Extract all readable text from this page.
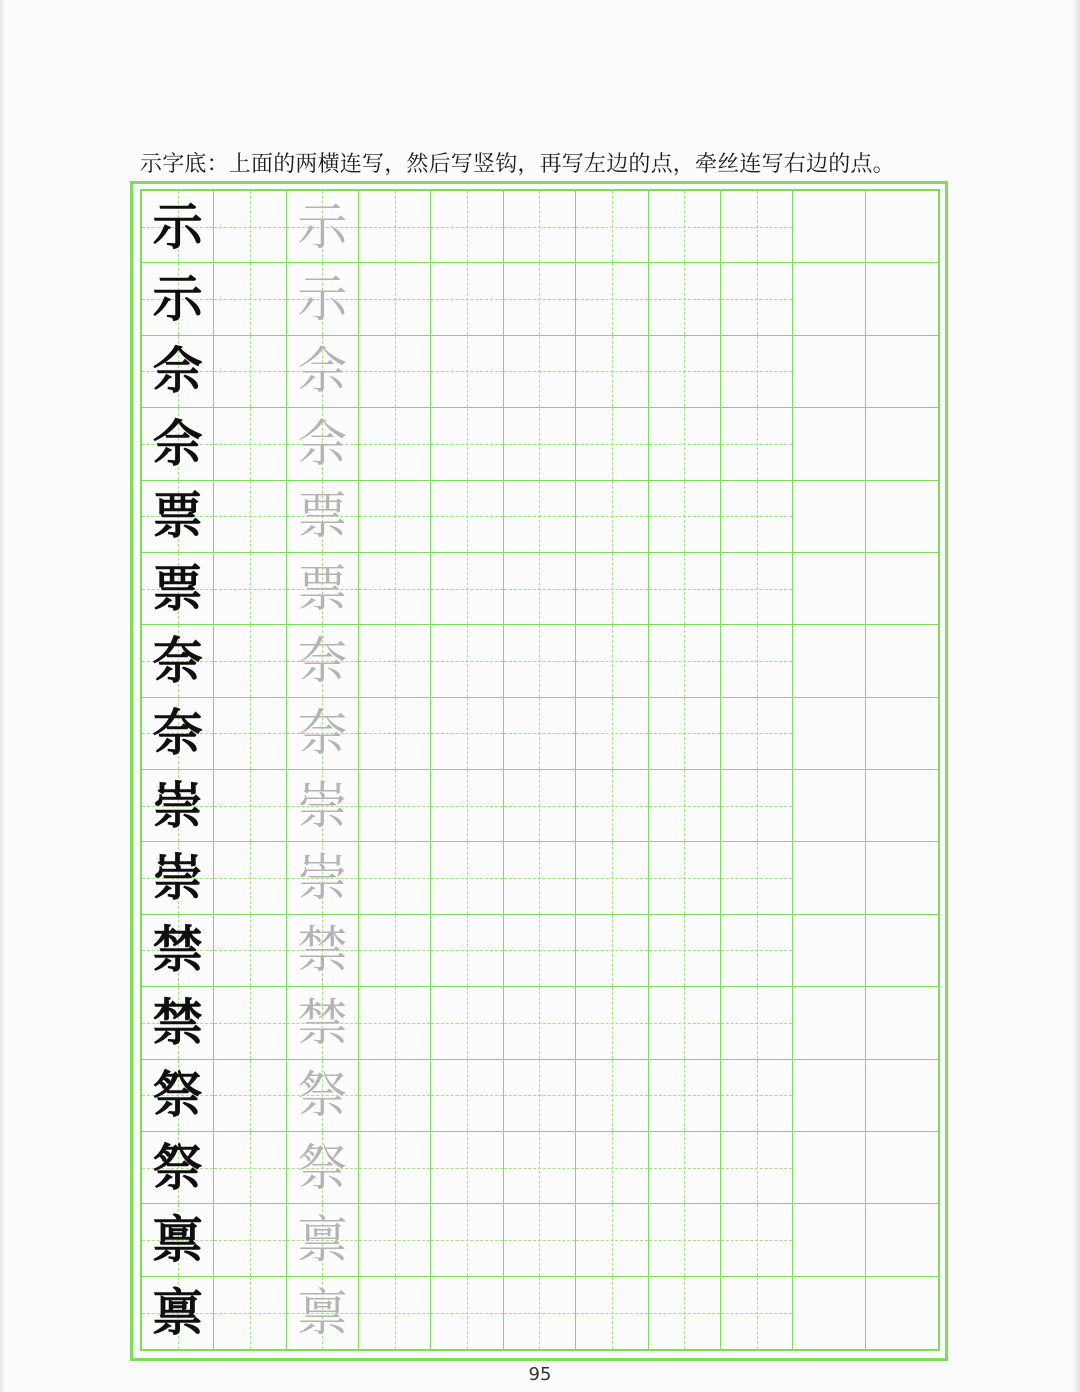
示字底：上面的两横连写，然后写竖钩，再写左边的点，牵丝连写右边的点。
示 示
示 示
佘 佘
佘 佘
票 票
票 票
奈 奈
奈 奈
崇 崇
崇 崇
禁 禁
禁 禁
祭 祭
祭 祭
禀 禀
禀 禀
95
